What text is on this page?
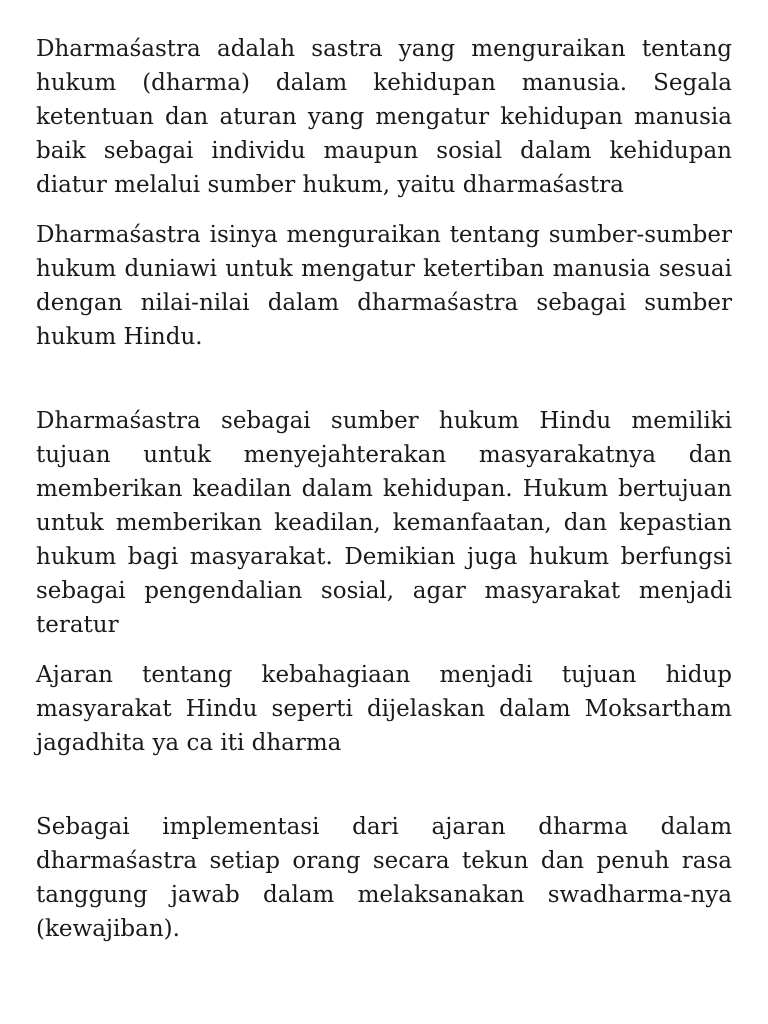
Dharmaśastra adalah sastra yang menguraikan tentang hukum (dharma) dalam kehidupan manusia. Segala ketentuan dan aturan yang mengatur kehidupan manusia baik sebagai individu maupun sosial dalam kehidupan diatur melalui sumber hukum, yaitu dharmaśastra

Dharmaśastra isinya menguraikan tentang sumber-sumber hukum duniawi untuk mengatur ketertiban manusia sesuai dengan nilai-nilai dalam dharmaśastra sebagai sumber hukum Hindu.

Dharmaśastra sebagai sumber hukum Hindu memiliki tujuan untuk menyejahterakan masyarakatnya dan memberikan keadilan dalam kehidupan. Hukum bertujuan untuk memberikan keadilan, kemanfaatan, dan kepastian hukum bagi masyarakat. Demikian juga hukum berfungsi sebagai pengendalian sosial, agar masyarakat menjadi teratur

Ajaran tentang kebahagiaan menjadi tujuan hidup masyarakat Hindu seperti dijelaskan dalam Moksartham jagadhita ya ca iti dharma

Sebagai implementasi dari ajaran dharma dalam dharmaśastra setiap orang secara tekun dan penuh rasa tanggung jawab dalam melaksanakan swadharma-nya (kewajiban).
